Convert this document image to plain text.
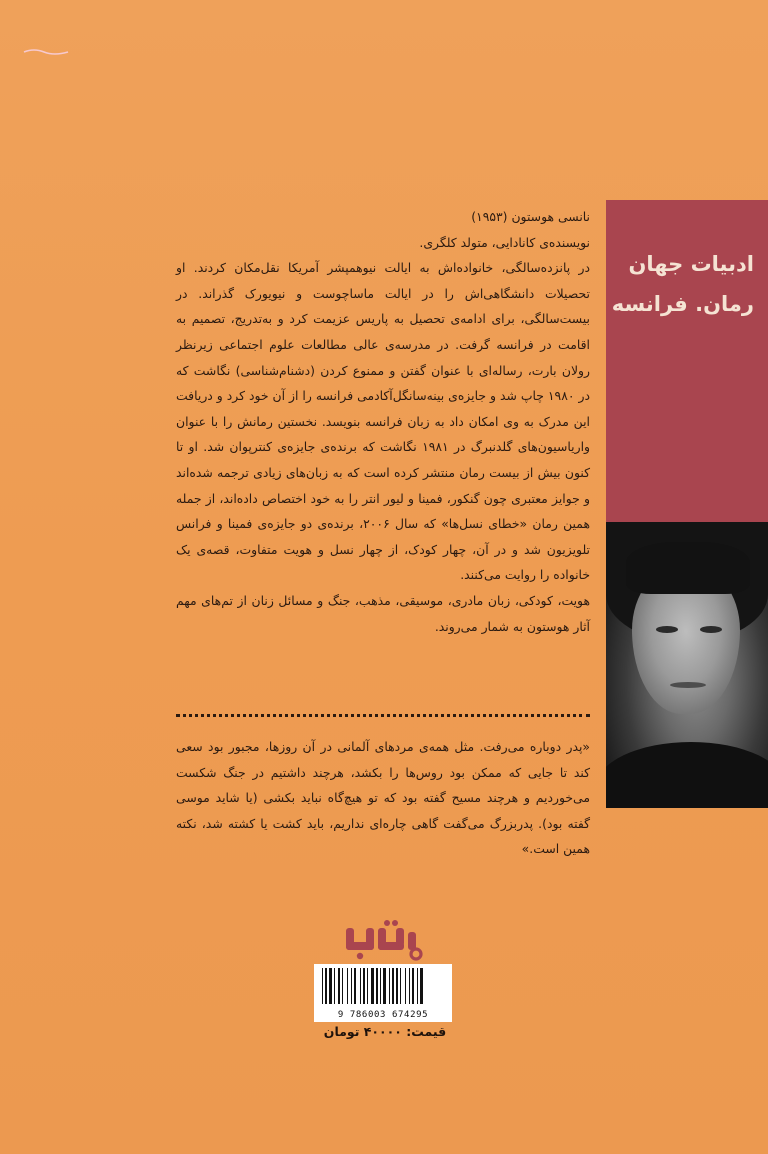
ادبیات جهان
رمان. فرانسه

نانسی هوستون (۱۹۵۳)

نویسنده‌ی کانادایی، متولد کلگری.

در پانزده‌سالگی، خانواده‌اش به ایالت نیوهمپشر آمریکا نقل‌مکان کردند. او تحصیلات دانشگاهی‌اش را در ایالت ماساچوست و نیویورک گذراند. در بیست‌سالگی، برای ادامه‌ی تحصیل به پاریس عزیمت کرد و به‌تدریج، تصمیم به اقامت در فرانسه گرفت. در مدرسه‌ی عالی مطالعات علوم اجتماعی زیرنظر رولان بارت، رساله‌ای با عنوان گفتن و ممنوع کردن (دشنام‌شناسی) نگاشت که در ۱۹۸۰ چاپ شد و جایزه‌ی بینه‌سانگل‌آکادمی فرانسه را از آن خود کرد و دریافت این مدرک به وی امکان داد به زبان فرانسه بنویسد. نخستین رمانش را با عنوان واریاسیون‌های گلدنبرگ در ۱۹۸۱ نگاشت که برنده‌ی جایزه‌ی کنترپوان شد. او تا کنون بیش از بیست رمان منتشر کرده است که به زبان‌های زیادی ترجمه شده‌اند و جوایز معتبری چون گنکور، فمینا و لیور انتر را به خود اختصاص داده‌اند، از جمله همین رمان «خطای نسل‌ها» که سال ۲۰۰۶، برنده‌ی دو جایزه‌ی فمینا و فرانس تلویزیون شد و در آن، چهار کودک، از چهار نسل و هویت متفاوت، قصه‌ی یک خانواده را روایت می‌کنند.

هویت، کودکی، زبان مادری، موسیقی، مذهب، جنگ و مسائل زنان از تم‌های مهم آثار هوستون به شمار می‌روند.

«پدر دوباره می‌رفت. مثل همه‌ی مردهای آلمانی در آن روزها، مجبور بود سعی کند تا جایی که ممکن بود روس‌ها را بکشد، هرچند داشتیم در جنگ شکست می‌خوردیم و هرچند مسیح گفته بود که تو هیچ‌گاه نباید بکشی (یا شاید موسی گفته بود). پدربزرگ می‌گفت گاهی چاره‌ای نداریم، باید کشت یا کشته شد، نکته همین است.»

9 786003 674295
قیمت: ۴۰۰۰۰ تومان
